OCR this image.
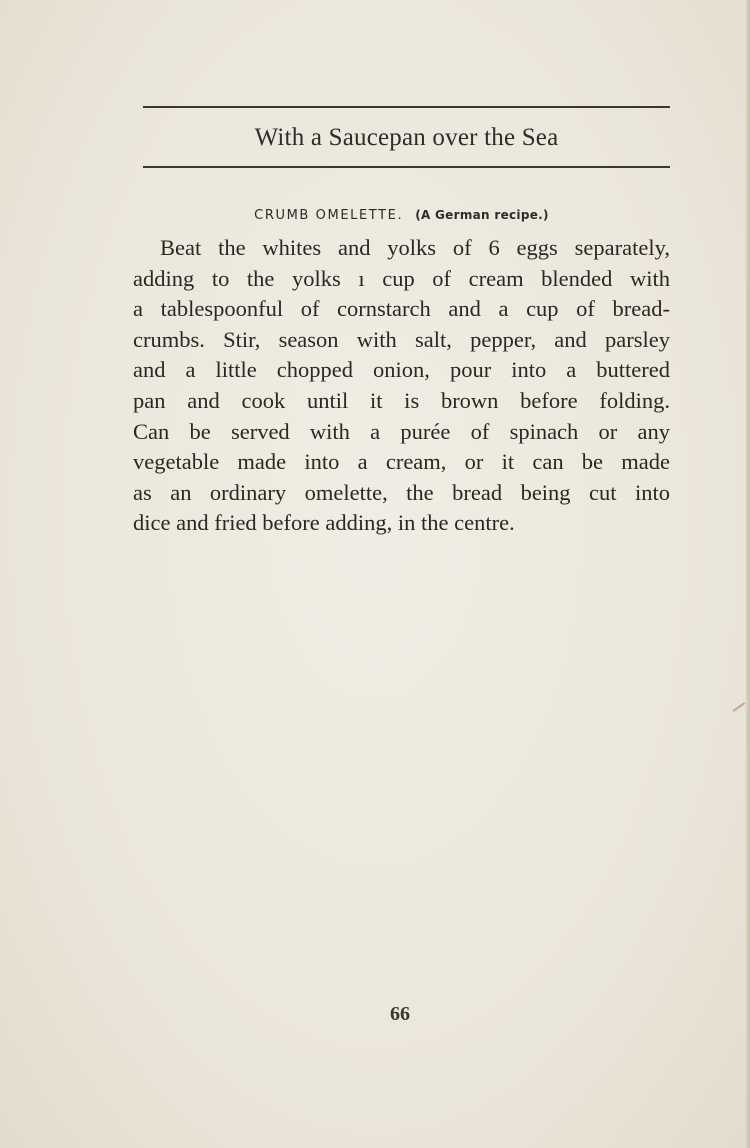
With a Saucepan over the Sea
CRUMB OMELETTE. (A German recipe.)
Beat the whites and yolks of 6 eggs separately,
adding to the yolks ı cup of cream blended with
a tablespoonful of cornstarch and a cup of bread-
crumbs. Stir, season with salt, pepper, and parsley
and a little chopped onion, pour into a buttered
pan and cook until it is brown before folding.
Can be served with a purée of spinach or any
vegetable made into a cream, or it can be made
as an ordinary omelette, the bread being cut into
dice and fried before adding, in the centre.
66
